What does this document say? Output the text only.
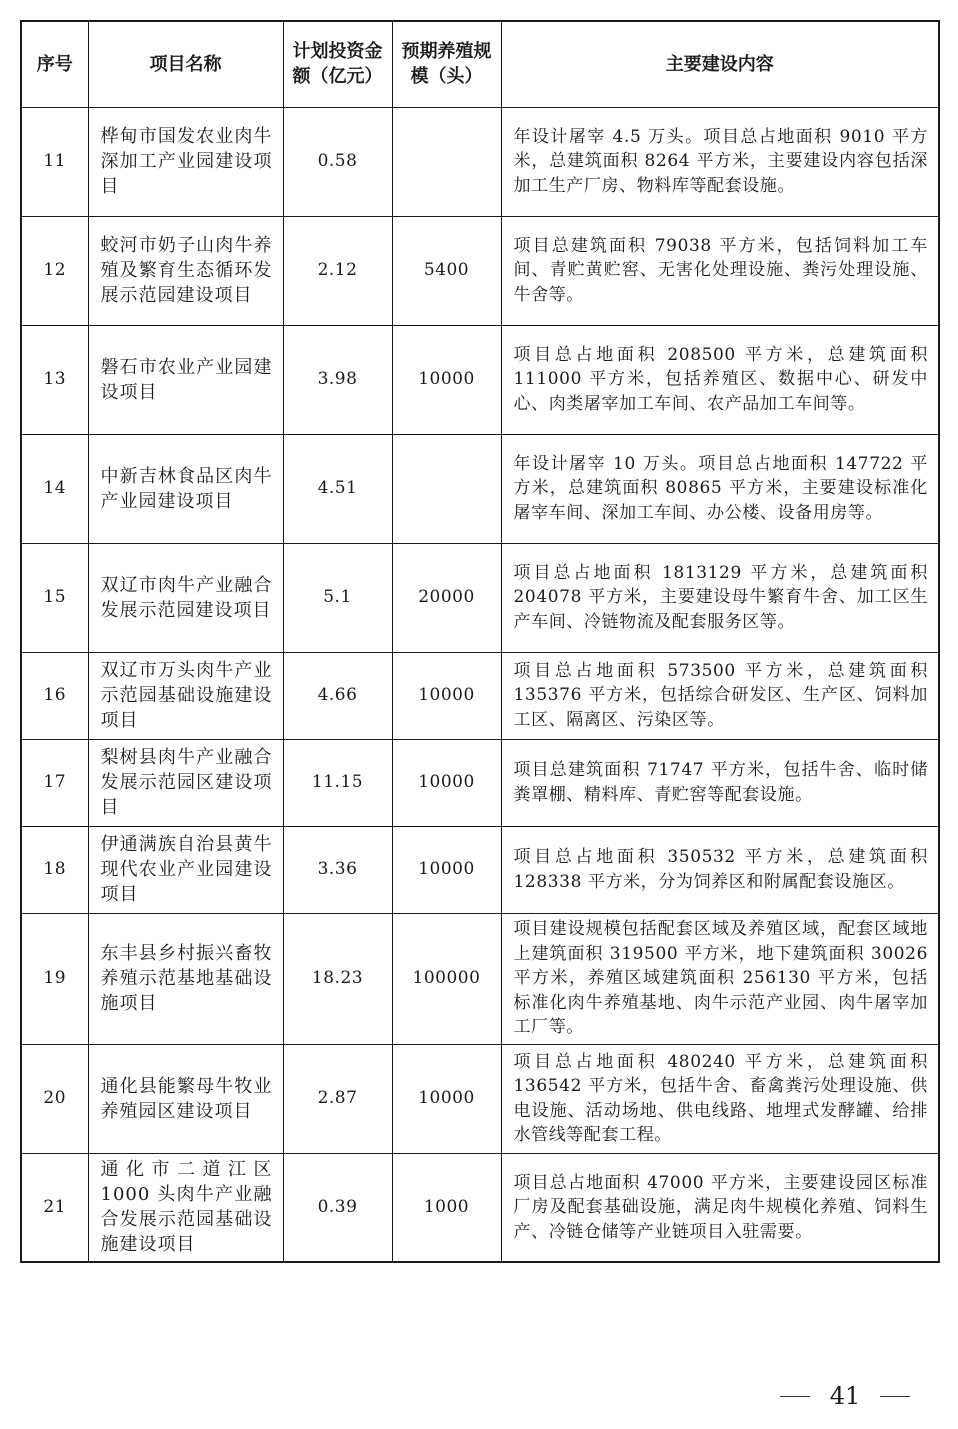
序号	项目名称	计划投资金额（亿元）	预期养殖规模（头）	主要建设内容
11	桦甸市国发农业肉牛深加工产业园建设项目	0.58		年设计屠宰 4.5 万头。项目总占地面积 9010 平方米，总建筑面积 8264 平方米，主要建设内容包括深加工生产厂房、物料库等配套设施。
12	蛟河市奶子山肉牛养殖及繁育生态循环发展示范园建设项目	2.12	5400	项目总建筑面积 79038 平方米，包括饲料加工车间、青贮黄贮窖、无害化处理设施、粪污处理设施、牛舍等。
13	磐石市农业产业园建设项目	3.98	10000	项目总占地面积 208500 平方米，总建筑面积 111000 平方米，包括养殖区、数据中心、研发中心、肉类屠宰加工车间、农产品加工车间等。
14	中新吉林食品区肉牛产业园建设项目	4.51		年设计屠宰 10 万头。项目总占地面积 147722 平方米，总建筑面积 80865 平方米，主要建设标准化屠宰车间、深加工车间、办公楼、设备用房等。
15	双辽市肉牛产业融合发展示范园建设项目	5.1	20000	项目总占地面积 1813129 平方米，总建筑面积 204078 平方米，主要建设母牛繁育牛舍、加工区生产车间、冷链物流及配套服务区等。
16	双辽市万头肉牛产业示范园基础设施建设项目	4.66	10000	项目总占地面积 573500 平方米，总建筑面积 135376 平方米，包括综合研发区、生产区、饲料加工区、隔离区、污染区等。
17	梨树县肉牛产业融合发展示范园区建设项目	11.15	10000	项目总建筑面积 71747 平方米，包括牛舍、临时储粪罩棚、精料库、青贮窖等配套设施。
18	伊通满族自治县黄牛现代农业产业园建设项目	3.36	10000	项目总占地面积 350532 平方米，总建筑面积 128338 平方米，分为饲养区和附属配套设施区。
19	东丰县乡村振兴畜牧养殖示范基地基础设施项目	18.23	100000	项目建设规模包括配套区域及养殖区域，配套区域地上建筑面积 319500 平方米，地下建筑面积 30026 平方米，养殖区域建筑面积 256130 平方米，包括标准化肉牛养殖基地、肉牛示范产业园、肉牛屠宰加工厂等。
20	通化县能繁母牛牧业养殖园区建设项目	2.87	10000	项目总占地面积 480240 平方米，总建筑面积 136542 平方米，包括牛舍、畜禽粪污处理设施、供电设施、活动场地、供电线路、地埋式发酵罐、给排水管线等配套工程。
21	通化市二道江区 1000 头肉牛产业融合发展示范园基础设施建设项目	0.39	1000	项目总占地面积 47000 平方米，主要建设园区标准厂房及配套基础设施，满足肉牛规模化养殖、饲料生产、冷链仓储等产业链项目入驻需要。
41
